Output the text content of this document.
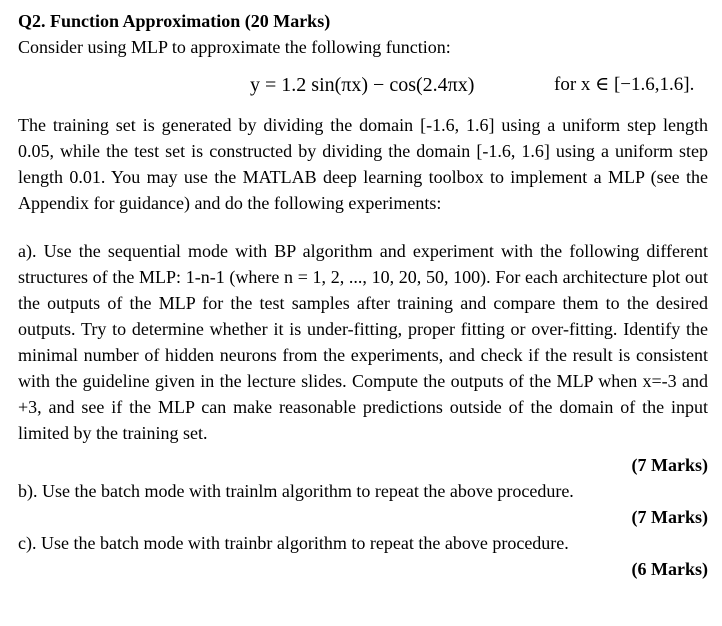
Q2. Function Approximation (20 Marks)

Consider using MLP to approximate the following function:

y = 1.2 sin(πx) − cos(2.4πx)	for x ∈ [−1.6,1.6].

The training set is generated by dividing the domain [-1.6, 1.6] using a uniform step length 0.05, while the test set is constructed by dividing the domain [-1.6, 1.6] using a uniform step length 0.01. You may use the MATLAB deep learning toolbox to implement a MLP (see the Appendix for guidance) and do the following experiments:

a). Use the sequential mode with BP algorithm and experiment with the following different structures of the MLP: 1-n-1 (where n = 1, 2, ..., 10, 20, 50, 100). For each architecture plot out the outputs of the MLP for the test samples after training and compare them to the desired outputs. Try to determine whether it is under-fitting, proper fitting or over-fitting. Identify the minimal number of hidden neurons from the experiments, and check if the result is consistent with the guideline given in the lecture slides. Compute the outputs of the MLP when x=-3 and +3, and see if the MLP can make reasonable predictions outside of the domain of the input limited by the training set.

(7 Marks)

b). Use the batch mode with trainlm algorithm to repeat the above procedure.

(7 Marks)

c). Use the batch mode with trainbr algorithm to repeat the above procedure.

(6 Marks)
